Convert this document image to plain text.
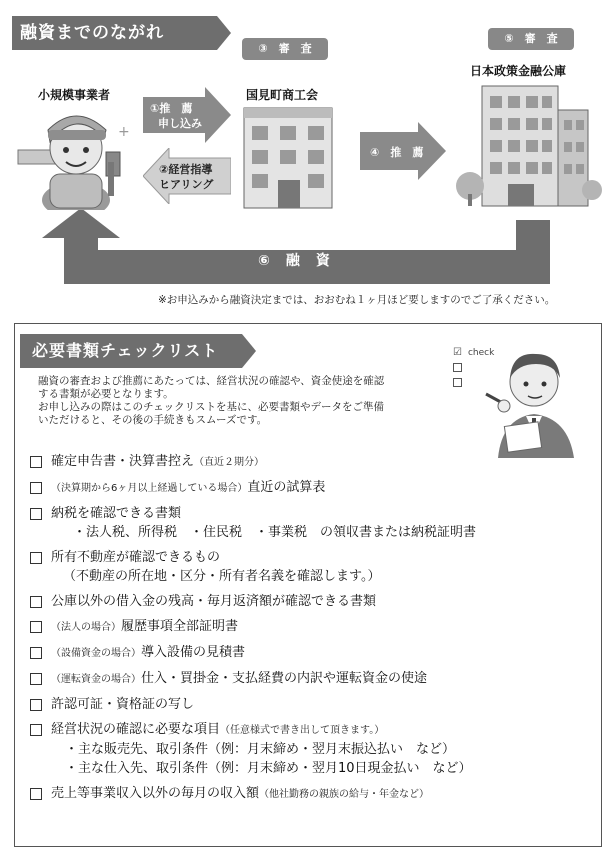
融資までのながれ
小規模事業者
+
①推　薦
申し込み
②経営指導
ヒアリング
③　審　査
国見町商工会
④　推　薦
⑤　審　査
日本政策金融公庫
⑥　融　資
※お申込みから融資決定までは、おおむね１ヶ月ほど要しますのでご了承ください。
必要書類チェックリスト
融資の審査および推薦にあたっては、経営状況の確認や、資金使途を確認
する書類が必要となります。
お申し込みの際はこのチェックリストを基に、必要書類やデータをご準備
いただけると、その後の手続きもスムーズです。
☑ check
確定申告書・決算書控え（直近２期分）
（決算期から6ヶ月以上経過している場合）直近の試算表
納税を確認できる書類
・法人税、所得税　・住民税　・事業税　の領収書または納税証明書
所有不動産が確認できるもの
（不動産の所在地・区分・所有者名義を確認します。）
公庫以外の借入金の残高・毎月返済額が確認できる書類
（法人の場合）履歴事項全部証明書
（設備資金の場合）導入設備の見積書
（運転資金の場合）仕入・買掛金・支払経費の内訳や運転資金の使途
許認可証・資格証の写し
経営状況の確認に必要な項目（任意様式で書き出して頂きます。）
・主な販売先、取引条件（例：月末締め・翌月末振込払い　など）
・主な仕入先、取引条件（例：月末締め・翌月10日現金払い　など）
売上等事業収入以外の毎月の収入額（他社勤務の親族の給与・年金など）
